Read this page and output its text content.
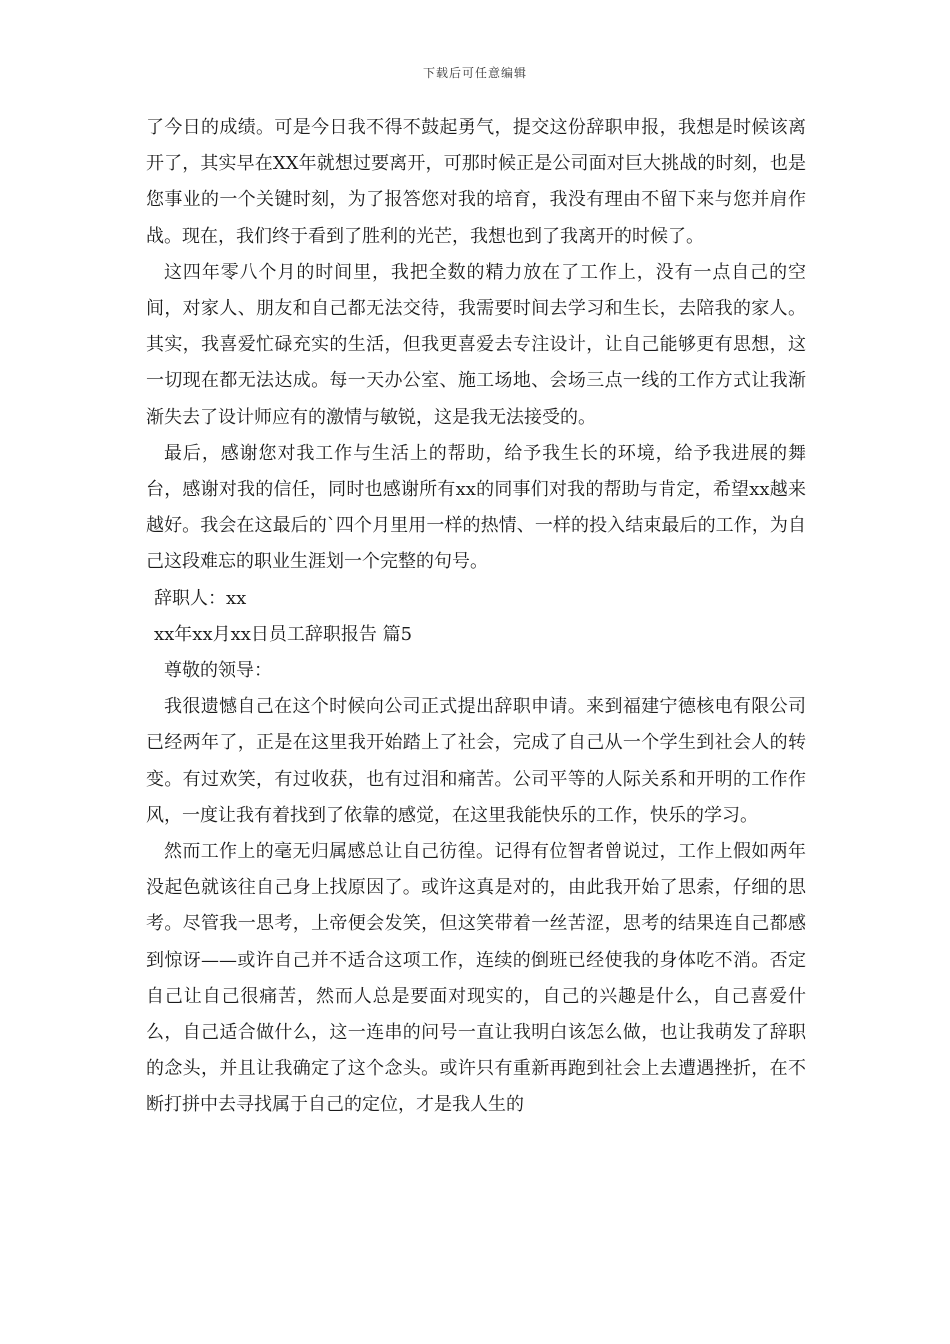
下载后可任意编辑

了今日的成绩。可是今日我不得不鼓起勇气，提交这份辞职申报，我想是时候该离开了，其实早在XX年就想过要离开，可那时候正是公司面对巨大挑战的时刻，也是您事业的一个关键时刻，为了报答您对我的培育，我没有理由不留下来与您并肩作战。现在，我们终于看到了胜利的光芒，我想也到了我离开的时候了。

这四年零八个月的时间里，我把全数的精力放在了工作上，没有一点自己的空间，对家人、朋友和自己都无法交待，我需要时间去学习和生长，去陪我的家人。其实，我喜爱忙碌充实的生活，但我更喜爱去专注设计，让自己能够更有思想，这一切现在都无法达成。每一天办公室、施工场地、会场三点一线的工作方式让我渐渐失去了设计师应有的激情与敏锐，这是我无法接受的。

最后，感谢您对我工作与生活上的帮助，给予我生长的环境，给予我进展的舞台，感谢对我的信任，同时也感谢所有xx的同事们对我的帮助与肯定，希望xx越来越好。我会在这最后的`四个月里用一样的热情、一样的投入结束最后的工作，为自己这段难忘的职业生涯划一个完整的句号。

辞职人：xx

xx年xx月xx日员工辞职报告 篇5

尊敬的领导：

我很遗憾自己在这个时候向公司正式提出辞职申请。来到福建宁德核电有限公司已经两年了，正是在这里我开始踏上了社会，完成了自己从一个学生到社会人的转变。有过欢笑，有过收获，也有过泪和痛苦。公司平等的人际关系和开明的工作作风，一度让我有着找到了依靠的感觉，在这里我能快乐的工作，快乐的学习。

然而工作上的毫无归属感总让自己彷徨。记得有位智者曾说过，工作上假如两年没起色就该往自己身上找原因了。或许这真是对的，由此我开始了思索，仔细的思考。尽管我一思考，上帝便会发笑，但这笑带着一丝苦涩，思考的结果连自己都感到惊讶——或许自己并不适合这项工作，连续的倒班已经使我的身体吃不消。否定自己让自己很痛苦，然而人总是要面对现实的，自己的兴趣是什么，自己喜爱什么，自己适合做什么，这一连串的问号一直让我明白该怎么做，也让我萌发了辞职的念头，并且让我确定了这个念头。或许只有重新再跑到社会上去遭遇挫折，在不断打拼中去寻找属于自己的定位，才是我人生的
